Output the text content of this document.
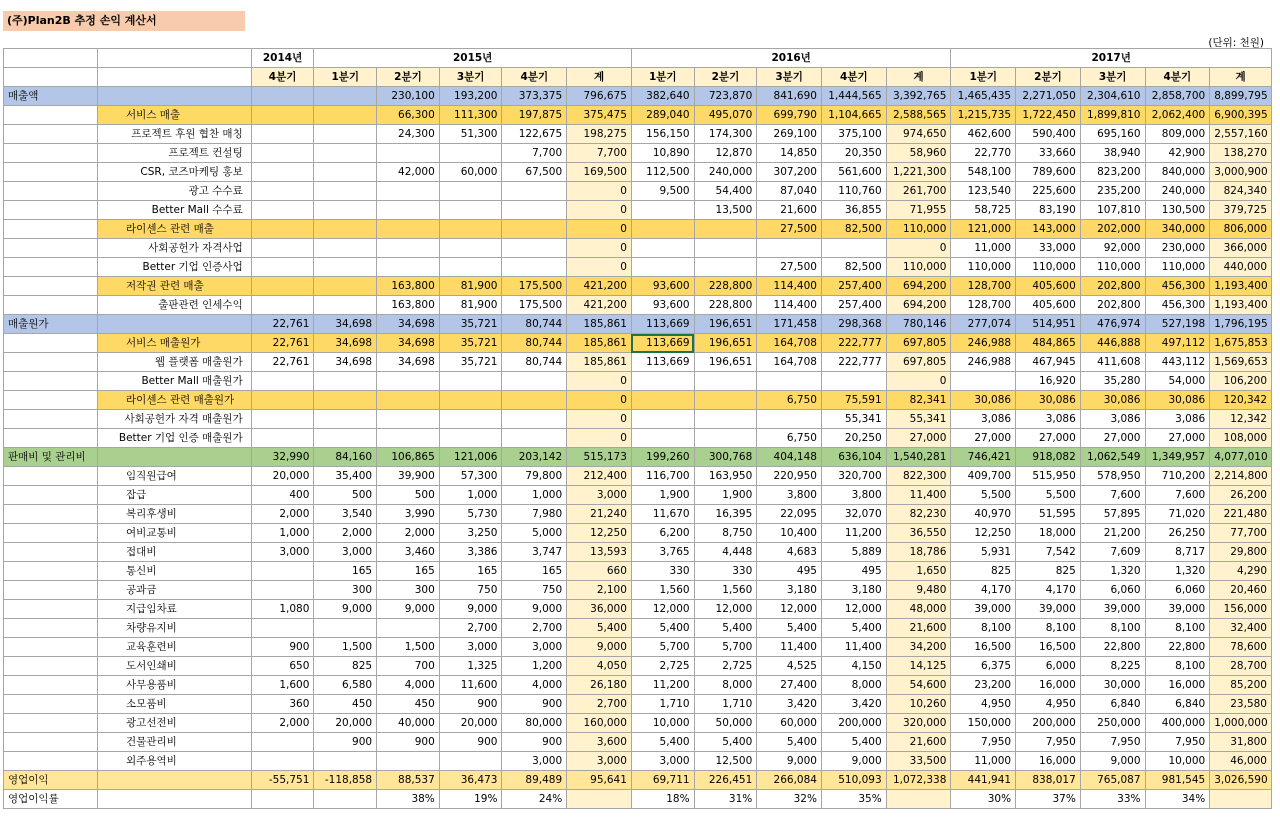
(주)Plan2B 추정 손익 계산서
(단위: 천원)
		2014년	2015년					2016년					2017년				
		4분기	1분기	2분기	3분기	4분기	계	1분기	2분기	3분기	4분기	계	1분기	2분기	3분기	4분기	계
매출액				230,100	193,200	373,375	796,675	382,640	723,870	841,690	1,444,565	3,392,765	1,465,435	2,271,050	2,304,610	2,858,700	8,899,795
	서비스 매출			66,300	111,300	197,875	375,475	289,040	495,070	699,790	1,104,665	2,588,565	1,215,735	1,722,450	1,899,810	2,062,400	6,900,395
	프로젝트 후원 협찬 매칭			24,300	51,300	122,675	198,275	156,150	174,300	269,100	375,100	974,650	462,600	590,400	695,160	809,000	2,557,160
	프로젝트 컨설팅					7,700	7,700	10,890	12,870	14,850	20,350	58,960	22,770	33,660	38,940	42,900	138,270
	CSR, 코즈마케팅 홍보			42,000	60,000	67,500	169,500	112,500	240,000	307,200	561,600	1,221,300	548,100	789,600	823,200	840,000	3,000,900
	광고 수수료						0	9,500	54,400	87,040	110,760	261,700	123,540	225,600	235,200	240,000	824,340
	Better Mall 수수료						0		13,500	21,600	36,855	71,955	58,725	83,190	107,810	130,500	379,725
	라이센스 관련 매출						0			27,500	82,500	110,000	121,000	143,000	202,000	340,000	806,000
	사회공헌가 자격사업						0					0	11,000	33,000	92,000	230,000	366,000
	Better 기업 인증사업						0			27,500	82,500	110,000	110,000	110,000	110,000	110,000	440,000
	저작권 관련 매출			163,800	81,900	175,500	421,200	93,600	228,800	114,400	257,400	694,200	128,700	405,600	202,800	456,300	1,193,400
	출판관련 인세수익			163,800	81,900	175,500	421,200	93,600	228,800	114,400	257,400	694,200	128,700	405,600	202,800	456,300	1,193,400
매출원가		22,761	34,698	34,698	35,721	80,744	185,861	113,669	196,651	171,458	298,368	780,146	277,074	514,951	476,974	527,198	1,796,195
	서비스 매출원가	22,761	34,698	34,698	35,721	80,744	185,861	113,669	196,651	164,708	222,777	697,805	246,988	484,865	446,888	497,112	1,675,853
	웹 플랫폼 매출원가	22,761	34,698	34,698	35,721	80,744	185,861	113,669	196,651	164,708	222,777	697,805	246,988	467,945	411,608	443,112	1,569,653
	Better Mall 매출원가						0					0		16,920	35,280	54,000	106,200
	라이센스 관련 매출원가						0			6,750	75,591	82,341	30,086	30,086	30,086	30,086	120,342
	사회공헌가 자격 매출원가						0				55,341	55,341	3,086	3,086	3,086	3,086	12,342
	Better 기업 인증 매출원가						0			6,750	20,250	27,000	27,000	27,000	27,000	27,000	108,000
판매비 및 관리비		32,990	84,160	106,865	121,006	203,142	515,173	199,260	300,768	404,148	636,104	1,540,281	746,421	918,082	1,062,549	1,349,957	4,077,010
	임직원급여	20,000	35,400	39,900	57,300	79,800	212,400	116,700	163,950	220,950	320,700	822,300	409,700	515,950	578,950	710,200	2,214,800
	잡급	400	500	500	1,000	1,000	3,000	1,900	1,900	3,800	3,800	11,400	5,500	5,500	7,600	7,600	26,200
	복리후생비	2,000	3,540	3,990	5,730	7,980	21,240	11,670	16,395	22,095	32,070	82,230	40,970	51,595	57,895	71,020	221,480
	여비교통비	1,000	2,000	2,000	3,250	5,000	12,250	6,200	8,750	10,400	11,200	36,550	12,250	18,000	21,200	26,250	77,700
	접대비	3,000	3,000	3,460	3,386	3,747	13,593	3,765	4,448	4,683	5,889	18,786	5,931	7,542	7,609	8,717	29,800
	통신비		165	165	165	165	660	330	330	495	495	1,650	825	825	1,320	1,320	4,290
	공과금		300	300	750	750	2,100	1,560	1,560	3,180	3,180	9,480	4,170	4,170	6,060	6,060	20,460
	지급임차료	1,080	9,000	9,000	9,000	9,000	36,000	12,000	12,000	12,000	12,000	48,000	39,000	39,000	39,000	39,000	156,000
	차량유지비				2,700	2,700	5,400	5,400	5,400	5,400	5,400	21,600	8,100	8,100	8,100	8,100	32,400
	교육훈련비	900	1,500	1,500	3,000	3,000	9,000	5,700	5,700	11,400	11,400	34,200	16,500	16,500	22,800	22,800	78,600
	도서인쇄비	650	825	700	1,325	1,200	4,050	2,725	2,725	4,525	4,150	14,125	6,375	6,000	8,225	8,100	28,700
	사무용품비	1,600	6,580	4,000	11,600	4,000	26,180	11,200	8,000	27,400	8,000	54,600	23,200	16,000	30,000	16,000	85,200
	소모품비	360	450	450	900	900	2,700	1,710	1,710	3,420	3,420	10,260	4,950	4,950	6,840	6,840	23,580
	광고선전비	2,000	20,000	40,000	20,000	80,000	160,000	10,000	50,000	60,000	200,000	320,000	150,000	200,000	250,000	400,000	1,000,000
	건물관리비		900	900	900	900	3,600	5,400	5,400	5,400	5,400	21,600	7,950	7,950	7,950	7,950	31,800
	외주용역비					3,000	3,000	3,000	12,500	9,000	9,000	33,500	11,000	16,000	9,000	10,000	46,000
영업이익		-55,751	-118,858	88,537	36,473	89,489	95,641	69,711	226,451	266,084	510,093	1,072,338	441,941	838,017	765,087	981,545	3,026,590
영업이익률				38%	19%	24%		18%	31%	32%	35%		30%	37%	33%	34%	
